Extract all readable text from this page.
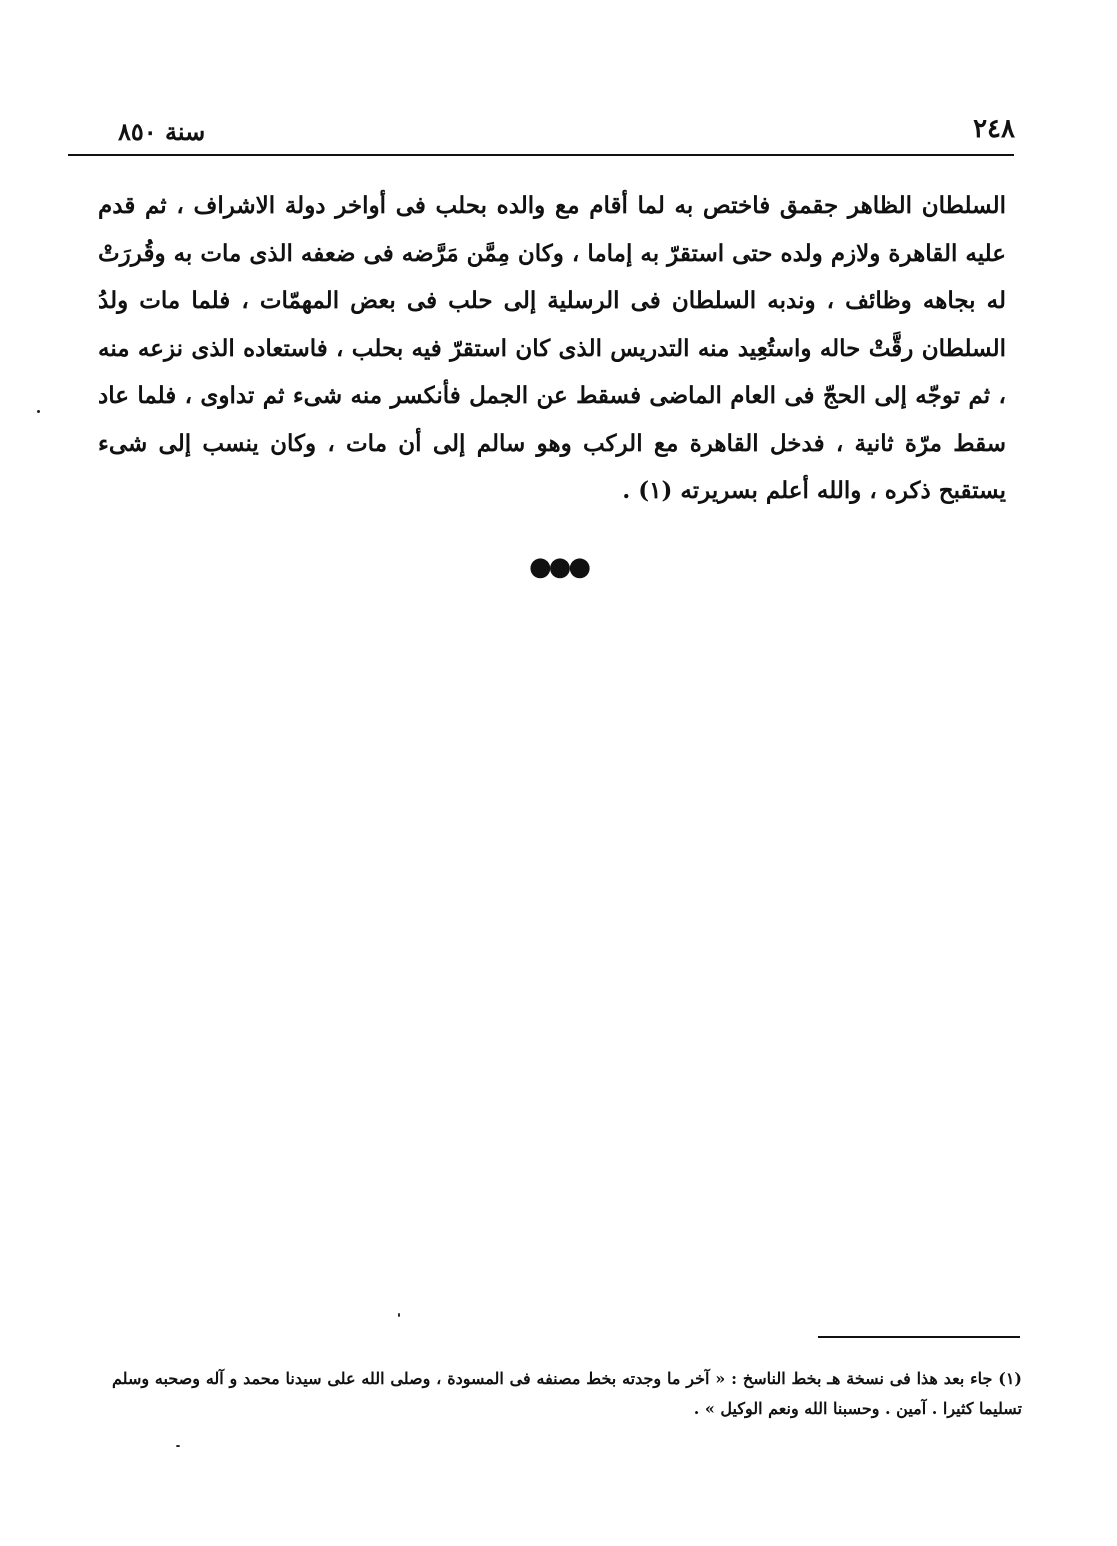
٢٤٨
سنة ٨٥٠

السلطان الظاهر جقمق فاختص به لما أقام مع والده بحلب فى أواخر دولة الاشراف ، ثم قدم عليه القاهرة ولازم ولده حتى استقرّ به إماما ، وكان مِمَّن مَرَّضه فى ضعفه الذى مات به وقُررَتْ له بجاهه وظائف ، وندبه السلطان فى الرسلية إلى حلب فى بعض المهمّات ، فلما مات ولدُ السلطان رقَّتْ حاله واستُعِيد منه التدريس الذى كان استقرّ فيه بحلب ، فاستعاده الذى نزعه منه ، ثم توجّه إلى الحجّ فى العام الماضى فسقط عن الجمل فأنكسر منه شىء ثم تداوى ، فلما عاد سقط مرّة ثانية ، فدخل القاهرة مع الركب وهو سالم إلى أن مات ، وكان ينسب إلى شىء يستقبح ذكره ، والله أعلم بسريرته (١) .

●●●

(١) جاء بعد هذا فى نسخة هـ بخط الناسخ : « آخر ما وجدته بخط مصنفه فى المسودة ، وصلى الله على سيدنا محمد و آله وصحبه وسلم تسليما كثيرا . آمين . وحسبنا الله ونعم الوكيل » .
